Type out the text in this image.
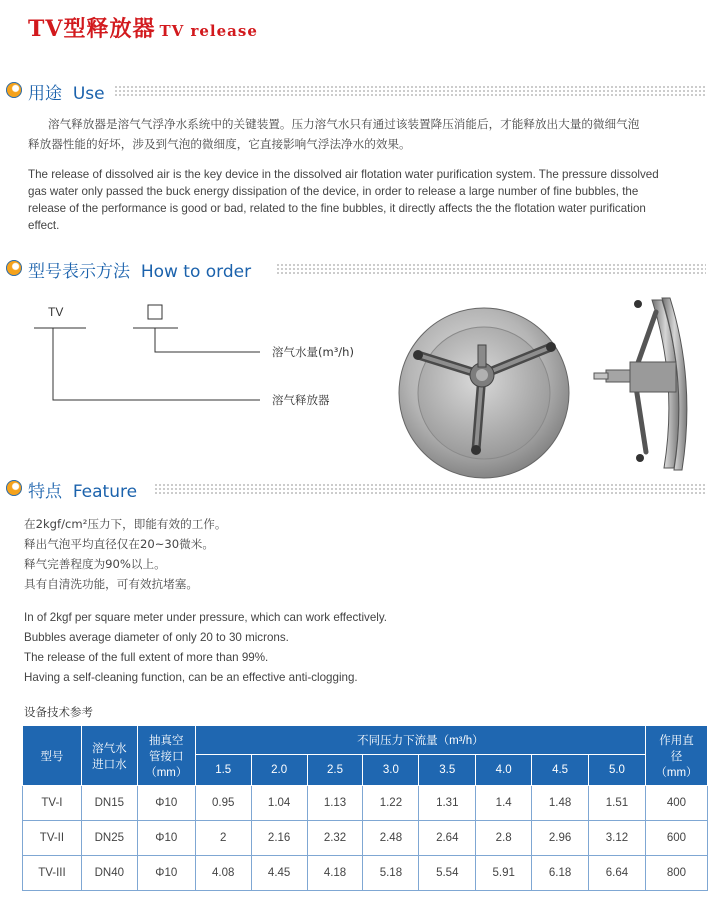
TV型释放器 TV release
用途 Use
溶气释放器是溶气气浮净水系统中的关键装置。压力溶气水只有通过该装置降压消能后，才能释放出大量的微细气泡
释放器性能的好坏，涉及到气泡的微细度，它直接影响气浮法净水的效果。
The release of dissolved air is the key device in the dissolved air flotation water purification system. The pressure dissolved
gas water only passed the buck energy dissipation of the device, in order to release a large number of fine bubbles, the
release of the performance is good or bad, related to the fine bubbles, it directly affects the the flotation water purification
effect.
型号表示方法 How to order
TV
溶气水量(m³/h)
溶气释放器
特点 Feature
在2kgf/cm²压力下，即能有效的工作。
释出气泡平均直径仅在20~30微米。
释气完善程度为90%以上。
具有自清洗功能，可有效抗堵塞。
In of 2kgf per square meter under pressure, which can work effectively.
Bubbles average diameter of only 20 to 30 microns.
The release of the full extent of more than 99%.
Having a self-cleaning function, can be an effective anti-clogging.
设备技术参考
型号	溶气水进口水	抽真空管接口（mm）	不同压力下流量（m³/h）								作用直径（mm）
			1.5	2.0	2.5	3.0	3.5	4.0	4.5	5.0	
TV-I	DN15	Φ10	0.95	1.04	1.13	1.22	1.31	1.4	1.48	1.51	400
TV-II	DN25	Φ10	2	2.16	2.32	2.48	2.64	2.8	2.96	3.12	600
TV-III	DN40	Φ10	4.08	4.45	4.18	5.18	5.54	5.91	6.18	6.64	800
